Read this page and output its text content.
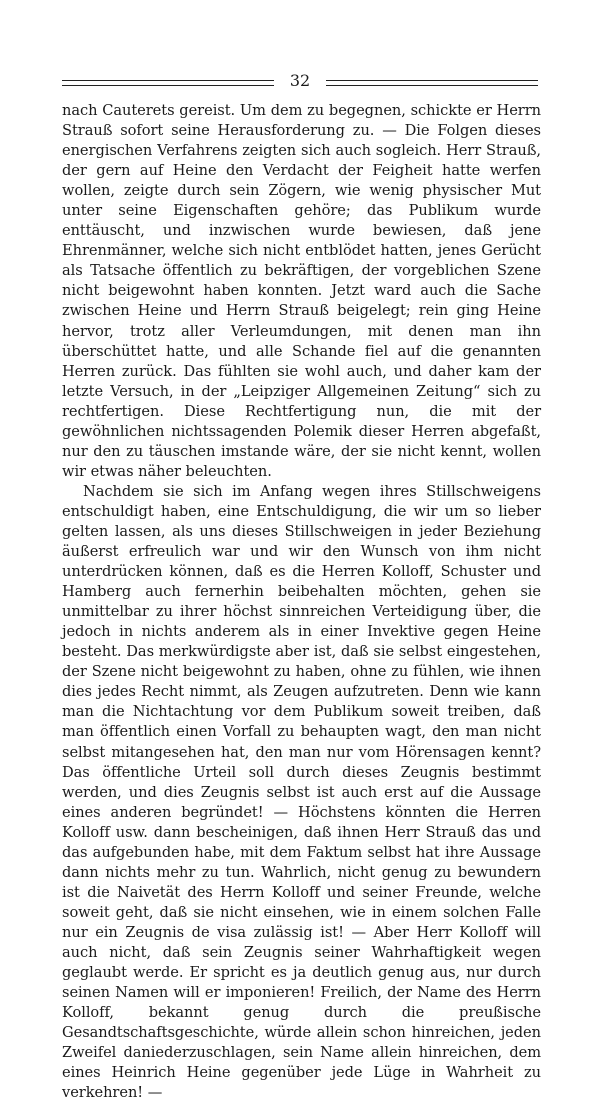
32

nach Cauterets gereist. Um dem zu begegnen, schickte er Herrn Strauß sofort seine Herausforderung zu. — Die Folgen dieses energischen Verfahrens zeigten sich auch sogleich. Herr Strauß, der gern auf Heine den Verdacht der Feigheit hatte werfen wollen, zeigte durch sein Zögern, wie wenig physischer Mut unter seine Eigenschaften gehöre; das Publikum wurde enttäuscht, und inzwischen wurde bewiesen, daß jene Ehrenmänner, welche sich nicht entblödet hatten, jenes Gerücht als Tatsache öffentlich zu bekräftigen, der vorgeblichen Szene nicht beigewohnt haben konnten. Jetzt ward auch die Sache zwischen Heine und Herrn Strauß beigelegt; rein ging Heine hervor, trotz aller Verleumdungen, mit denen man ihn überschüttet hatte, und alle Schande fiel auf die genannten Herren zurück. Das fühlten sie wohl auch, und daher kam der letzte Versuch, in der „Leipziger Allgemeinen Zeitung“ sich zu rechtfertigen. Diese Rechtfertigung nun, die mit der gewöhnlichen nichtssagenden Polemik dieser Herren abgefaßt, nur den zu täuschen imstande wäre, der sie nicht kennt, wollen wir etwas näher beleuchten.

Nachdem sie sich im Anfang wegen ihres Stillschweigens entschuldigt haben, eine Entschuldigung, die wir um so lieber gelten lassen, als uns dieses Stillschweigen in jeder Beziehung äußerst erfreulich war und wir den Wunsch von ihm nicht unterdrücken können, daß es die Herren Kolloff, Schuster und Hamberg auch fernerhin beibehalten möchten, gehen sie unmittelbar zu ihrer höchst sinnreichen Verteidigung über, die jedoch in nichts anderem als in einer Invektive gegen Heine besteht. Das merkwürdigste aber ist, daß sie selbst eingestehen, der Szene nicht beigewohnt zu haben, ohne zu fühlen, wie ihnen dies jedes Recht nimmt, als Zeugen aufzutreten. Denn wie kann man die Nichtachtung vor dem Publikum soweit treiben, daß man öffentlich einen Vorfall zu behaupten wagt, den man nicht selbst mitangesehen hat, den man nur vom Hörensagen kennt? Das öffentliche Urteil soll durch dieses Zeugnis bestimmt werden, und dies Zeugnis selbst ist auch erst auf die Aussage eines anderen begründet! — Höchstens könnten die Herren Kolloff usw. dann bescheinigen, daß ihnen Herr Strauß das und das aufgebunden habe, mit dem Faktum selbst hat ihre Aussage dann nichts mehr zu tun. Wahrlich, nicht genug zu bewundern ist die Naivetät des Herrn Kolloff und seiner Freunde, welche soweit geht, daß sie nicht einsehen, wie in einem solchen Falle nur ein Zeugnis de visa zulässig ist! — Aber Herr Kolloff will auch nicht, daß sein Zeugnis seiner Wahrhaftigkeit wegen geglaubt werde. Er spricht es ja deutlich genug aus, nur durch seinen Namen will er imponieren! Freilich, der Name des Herrn Kolloff, bekannt genug durch die preußische Gesandtschaftsgeschichte, würde allein schon hinreichen, jeden Zweifel daniederzuschlagen, sein Name allein hinreichen, dem eines Heinrich Heine gegenüber jede Lüge in Wahrheit zu verkehren! —
